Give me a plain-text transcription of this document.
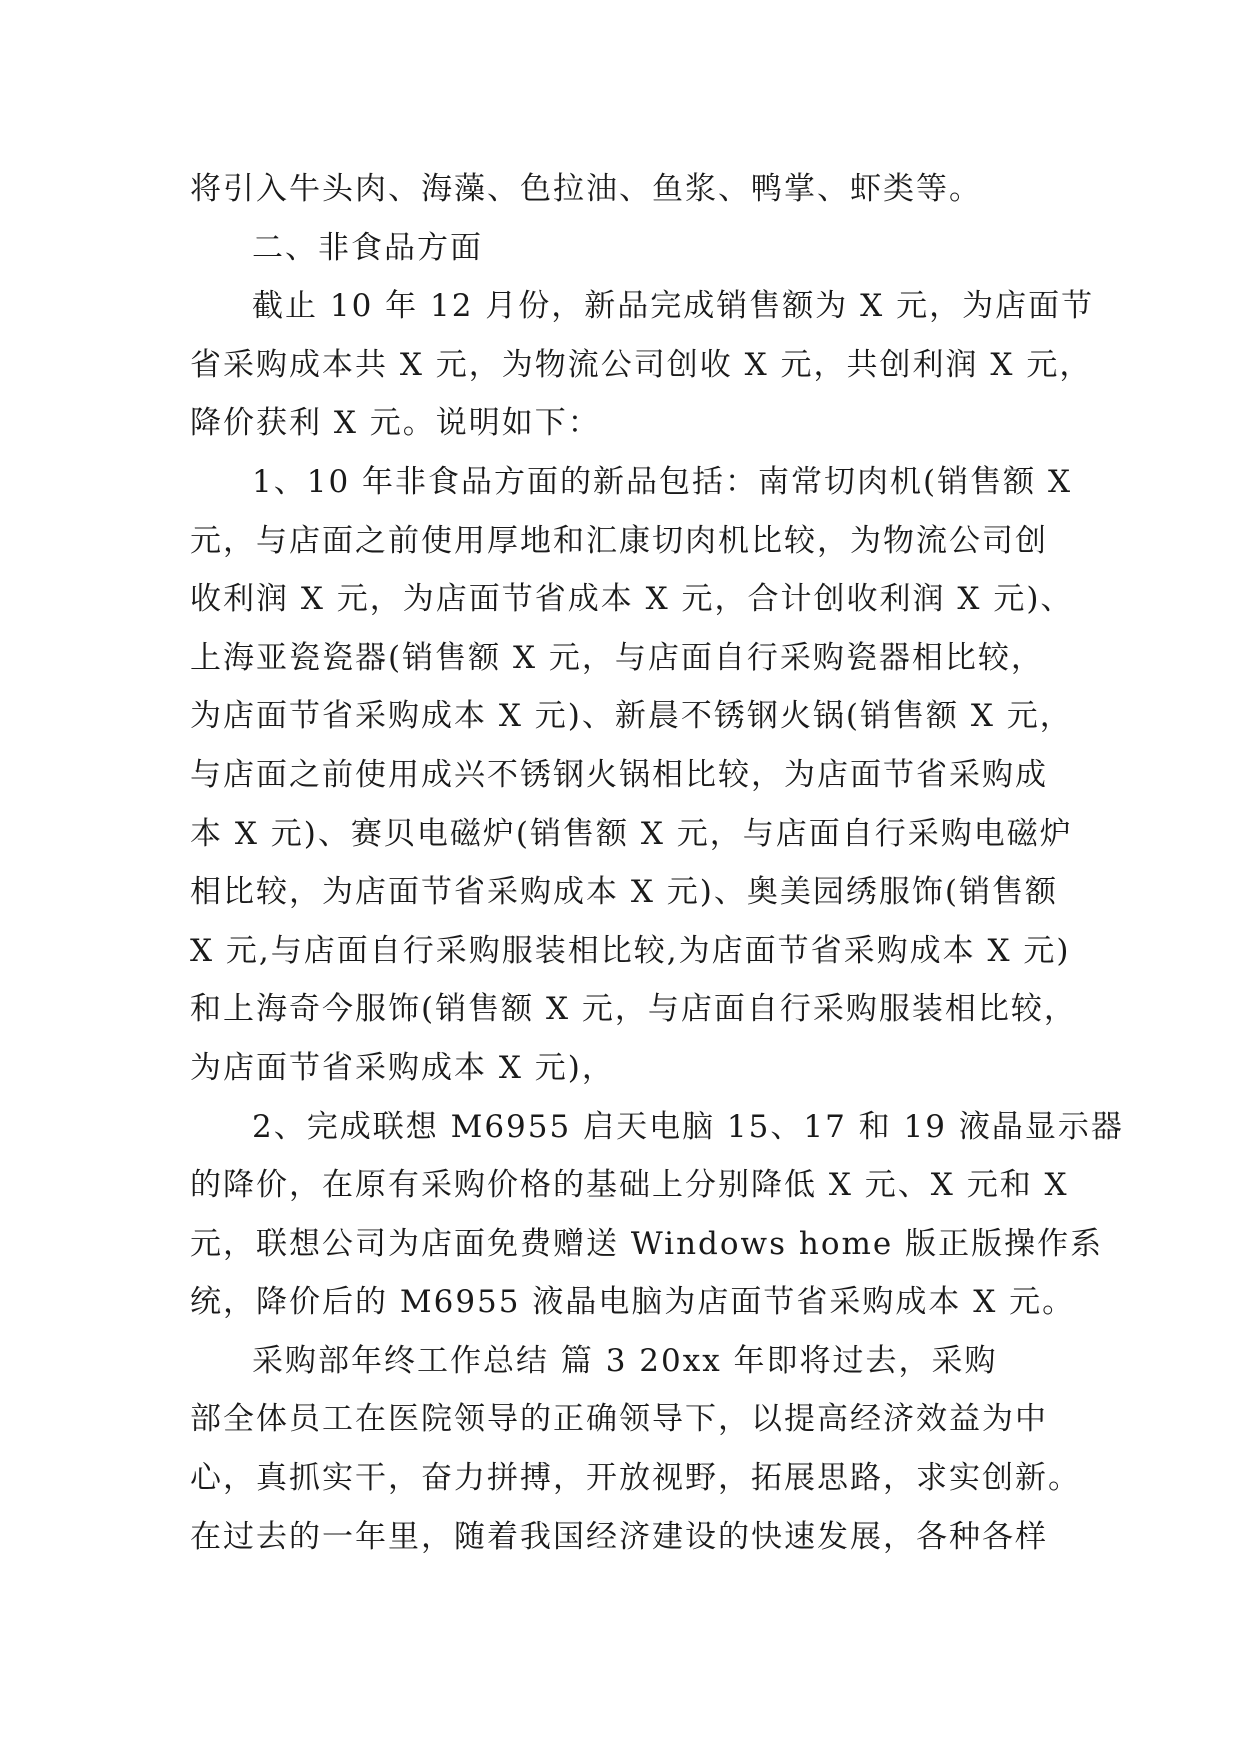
将引入牛头肉、海藻、色拉油、鱼浆、鸭掌、虾类等。
二、非食品方面
截止 10 年 12 月份，新品完成销售额为 X 元，为店面节
省采购成本共 X 元，为物流公司创收 X 元，共创利润 X 元，
降价获利 X 元。说明如下：
1、10 年非食品方面的新品包括：南常切肉机(销售额 X
元，与店面之前使用厚地和汇康切肉机比较，为物流公司创
收利润 X 元，为店面节省成本 X 元，合计创收利润 X 元)、
上海亚瓷瓷器(销售额 X 元，与店面自行采购瓷器相比较，
为店面节省采购成本 X 元)、新晨不锈钢火锅(销售额 X 元，
与店面之前使用成兴不锈钢火锅相比较，为店面节省采购成
本 X 元)、赛贝电磁炉(销售额 X 元，与店面自行采购电磁炉
相比较，为店面节省采购成本 X 元)、奥美园绣服饰(销售额
X 元,与店面自行采购服装相比较,为店面节省采购成本 X 元)
和上海奇今服饰(销售额 X 元，与店面自行采购服装相比较，
为店面节省采购成本 X 元)，
2、完成联想 M6955 启天电脑 15、17 和 19 液晶显示器
的降价，在原有采购价格的基础上分别降低 X 元、X 元和 X
元，联想公司为店面免费赠送 Windows home 版正版操作系
统，降价后的 M6955 液晶电脑为店面节省采购成本 X 元。
采购部年终工作总结 篇 3 20xx 年即将过去，采购
部全体员工在医院领导的正确领导下，以提高经济效益为中
心，真抓实干，奋力拼搏，开放视野，拓展思路，求实创新。
在过去的一年里，随着我国经济建设的快速发展，各种各样
